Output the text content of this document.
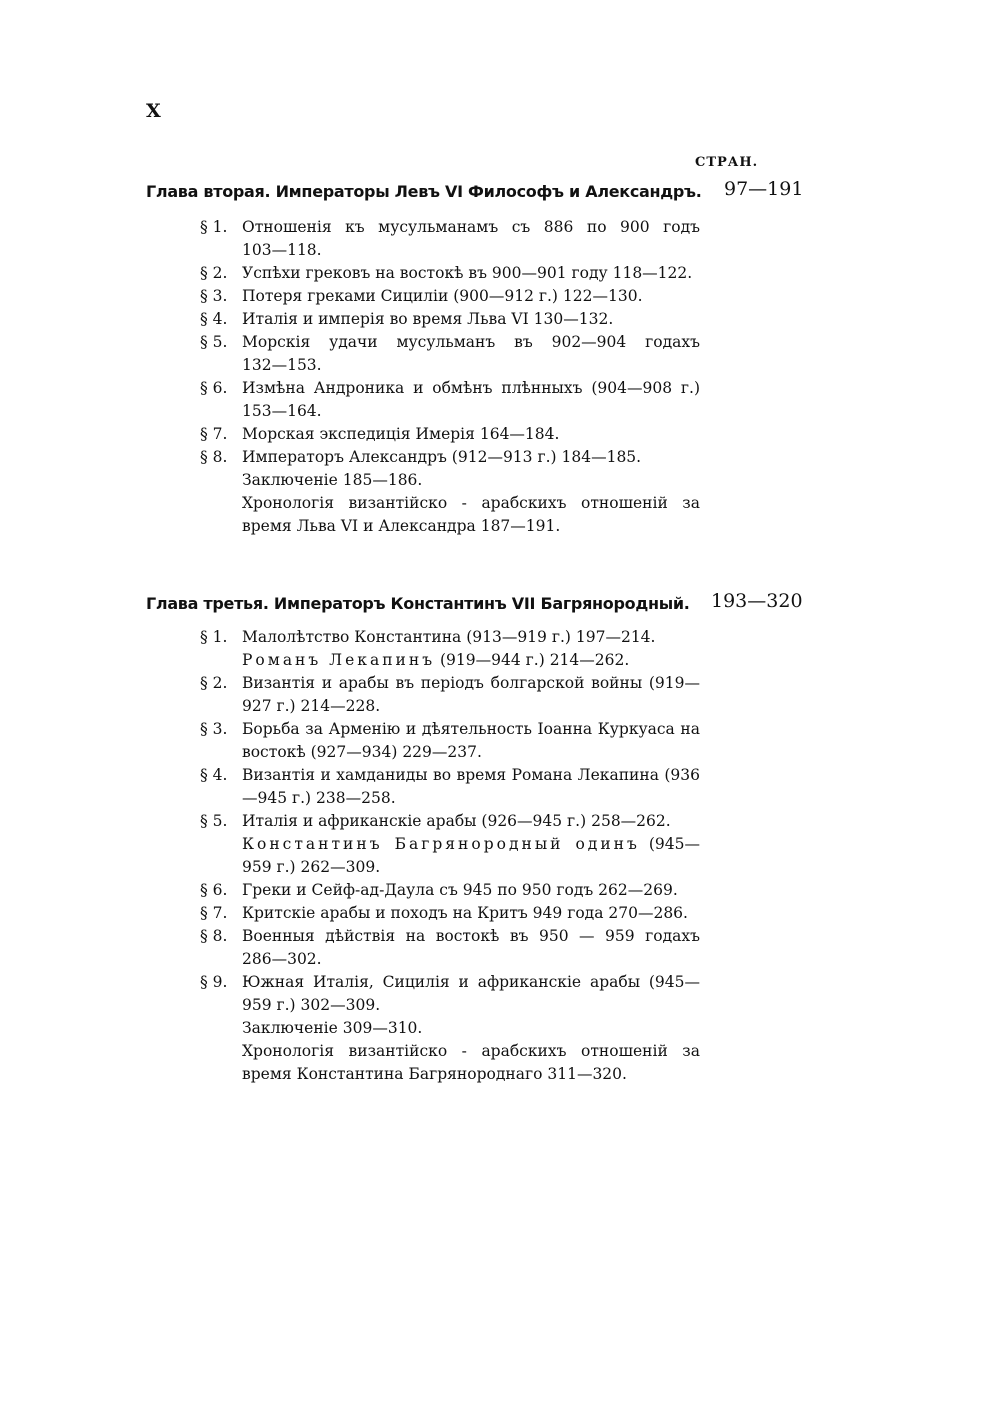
X
СТРАН.
Глава вторая. Императоры Левъ VI Философъ и Александръ. 97—191
§ 1. Отношенія къ мусульманамъ съ 886 по 900 годъ 103—118.
§ 2. Успѣхи грековъ на востокѣ въ 900—901 году 118—122.
§ 3. Потеря греками Сициліи (900—912 г.) 122—130.
§ 4. Италія и имперія во время Льва VI 130—132.
§ 5. Морскія удачи мусульманъ въ 902—904 годахъ 132—153.
§ 6. Измѣна Андроника и обмѣнъ плѣнныхъ (904—908 г.) 153—164.
§ 7. Морская экспедиція Имерія 164—184.
§ 8. Императоръ Александръ (912—913 г.) 184—185.
Заключеніе 185—186.
Хронологія византійско - арабскихъ отношеній за время Льва VI и Александра 187—191.
Глава третья. Императоръ Константинъ VII Багрянородный. 193—320
§ 1. Малолѣтство Константина (913—919 г.) 197—214.
Романъ Лекапинъ (919—944 г.) 214—262.
§ 2. Византія и арабы въ періодъ болгарской войны (919—927 г.) 214—228.
§ 3. Борьба за Арменію и дѣятельность Іоанна Куркуаса на востокѣ (927—934) 229—237.
§ 4. Византія и хамданиды во время Романа Лекапина (936—945 г.) 238—258.
§ 5. Италія и африканскіе арабы (926—945 г.) 258—262.
Константинъ Багрянородный одинъ (945—959 г.) 262—309.
§ 6. Греки и Сейф-ад-Даула съ 945 по 950 годъ 262—269.
§ 7. Критскіе арабы и походъ на Критъ 949 года 270—286.
§ 8. Военныя дѣйствія на востокѣ въ 950 — 959 годахъ 286—302.
§ 9. Южная Италія, Сицилія и африканскіе арабы (945—959 г.) 302—309.
Заключеніе 309—310.
Хронологія византійско - арабскихъ отношеній за время Константина Багрянороднаго 311—320.
